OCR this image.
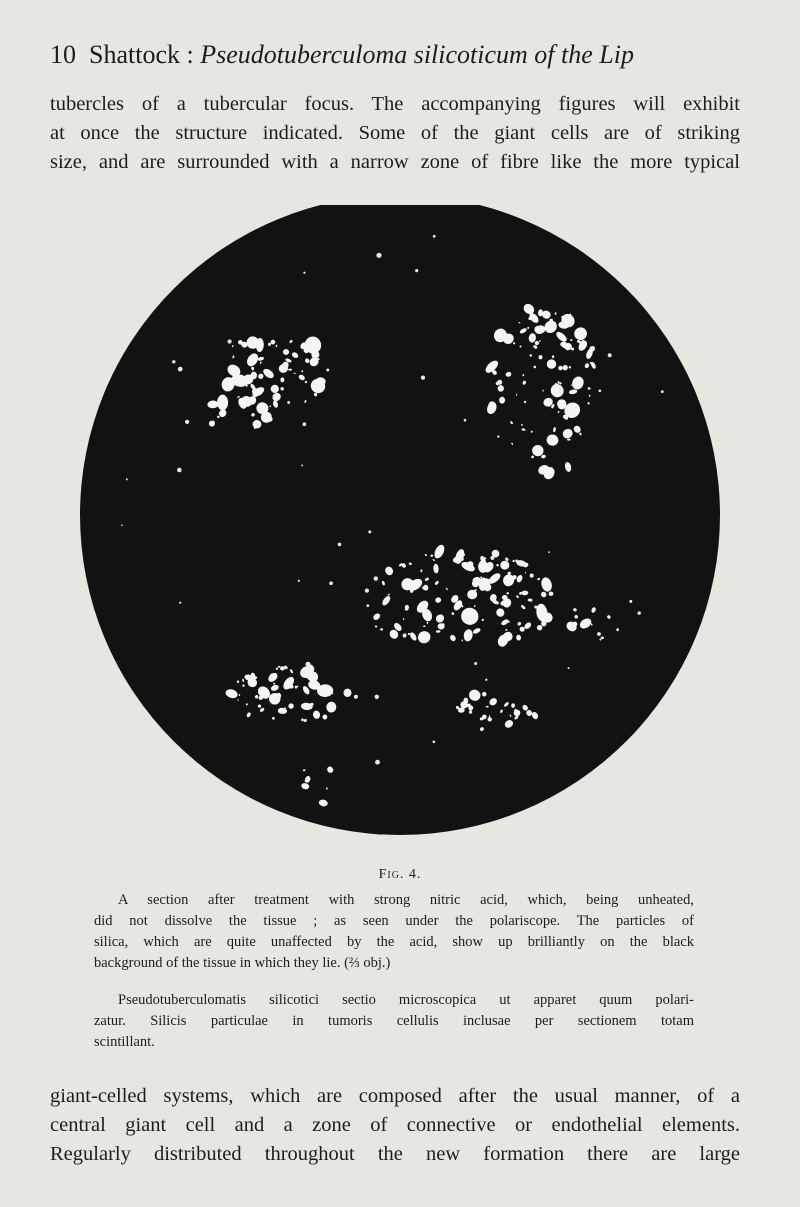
10 Shattock : Pseudotuberculoma silicoticum of the Lip
tubercles of a tubercular focus. The accompanying figures will exhibit
at once the structure indicated. Some of the giant cells are of striking
size, and are surrounded with a narrow zone of fibre like the more typical
Fig. 4.
A section after treatment with strong nitric acid, which, being unheated,
did not dissolve the tissue ; as seen under the polariscope. The particles of
silica, which are quite unaffected by the acid, show up brilliantly on the black
background of the tissue in which they lie. (⅔ obj.)
Pseudotuberculomatis silicotici sectio microscopica ut apparet quum polari-
zatur. Silicis particulae in tumoris cellulis inclusae per sectionem totam
scintillant.
giant-celled systems, which are composed after the usual manner, of a
central giant cell and a zone of connective or endothelial elements.
Regularly distributed throughout the new formation there are large
